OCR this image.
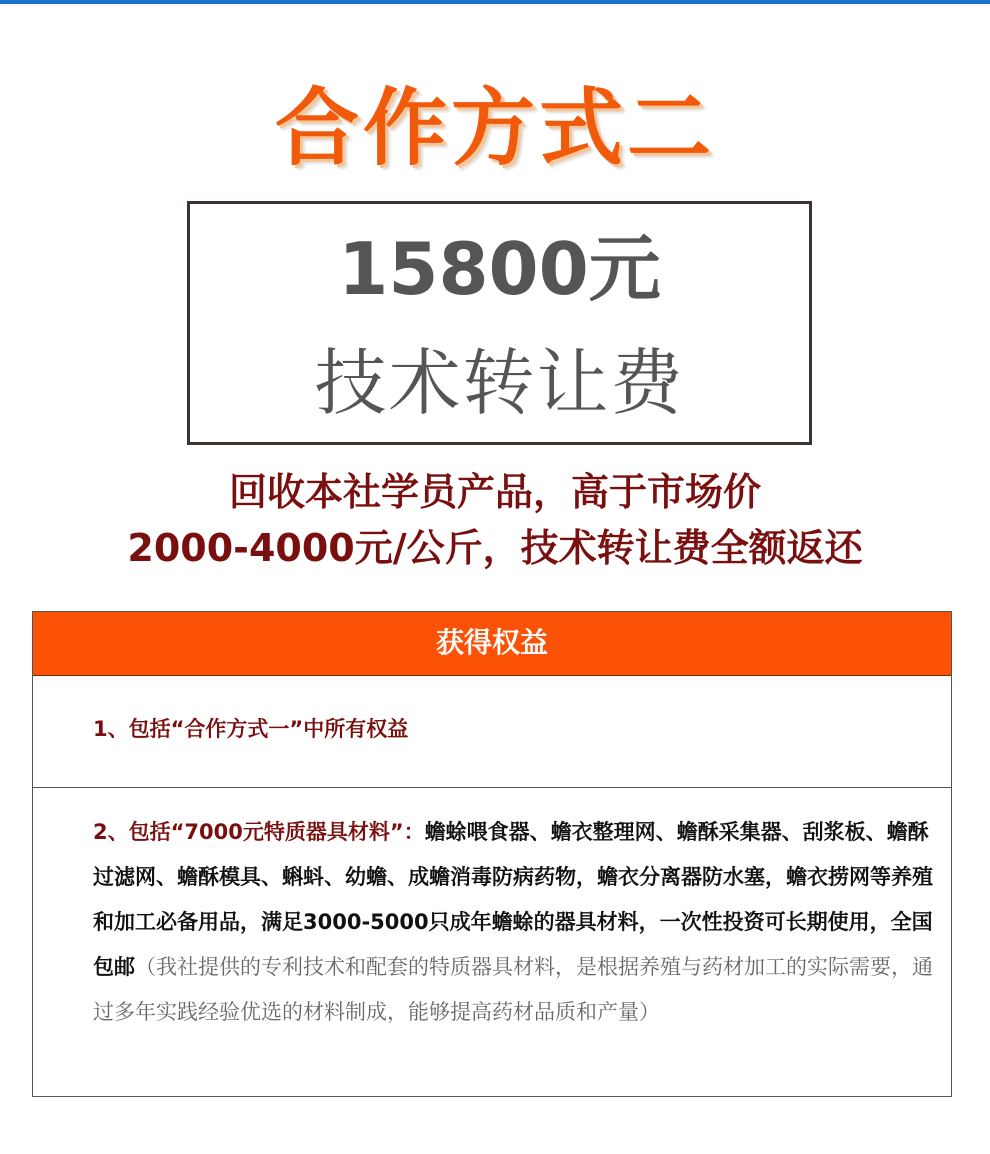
合作方式二
15800元
技术转让费
回收本社学员产品，高于市场价
2000-4000元/公斤，技术转让费全额返还
获得权益
1、包括“合作方式一”中所有权益
2、包括“7000元特质器具材料”：蟾蜍喂食器、蟾衣整理网、蟾酥采集器、刮浆板、蟾酥过滤网、蟾酥模具、蝌蚪、幼蟾、成蟾消毒防病药物，蟾衣分离器防水塞，蟾衣捞网等养殖和加工必备用品，满足3000-5000只成年蟾蜍的器具材料，一次性投资可长期使用，全国包邮（我社提供的专利技术和配套的特质器具材料，是根据养殖与药材加工的实际需要，通过多年实践经验优选的材料制成，能够提高药材品质和产量）
